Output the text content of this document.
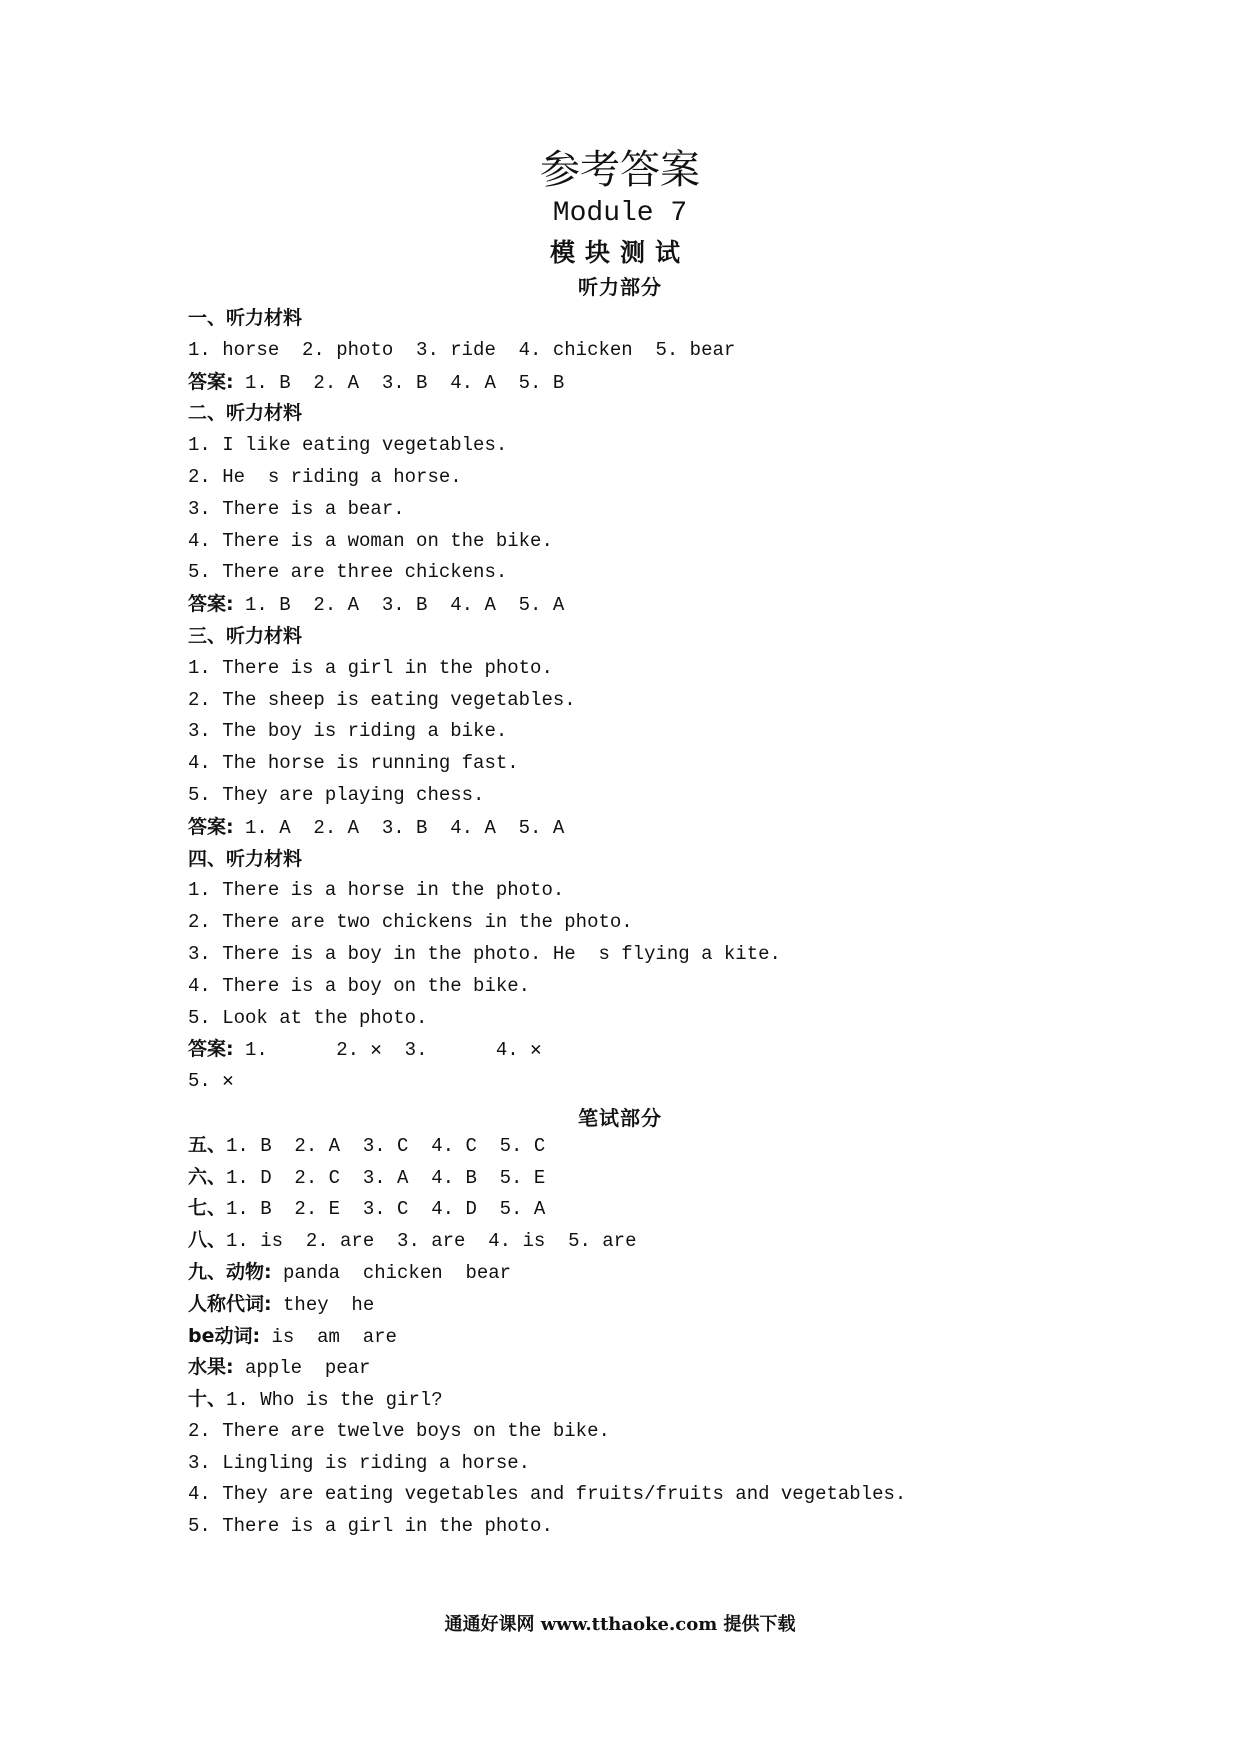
参考答案
Module 7
模块测试
听力部分
一、听力材料
1. horse  2. photo  3. ride  4. chicken  5. bear
答案: 1. B  2. A  3. B  4. A  5. B
二、听力材料
1. I like eating vegetables.
2. He  s riding a horse.
3. There is a bear.
4. There is a woman on the bike.
5. There are three chickens.
答案: 1. B  2. A  3. B  4. A  5. A
三、听力材料
1. There is a girl in the photo.
2. The sheep is eating vegetables.
3. The boy is riding a bike.
4. The horse is running fast.
5. They are playing chess.
答案: 1. A  2. A  3. B  4. A  5. A
四、听力材料
1. There is a horse in the photo.
2. There are two chickens in the photo.
3. There is a boy in the photo. He  s flying a kite.
4. There is a boy on the bike.
5. Look at the photo.
答案: 1.      2. ✕  3.      4. ✕
5. ✕
五、1. B  2. A  3. C  4. C  5. C
六、1. D  2. C  3. A  4. B  5. E
七、1. B  2. E  3. C  4. D  5. A
八、1. is  2. are  3. are  4. is  5. are
九、动物: panda  chicken  bear
人称代词: they  he
be动词: is  am  are
水果: apple  pear
十、1. Who is the girl?
2. There are twelve boys on the bike.
3. Lingling is riding a horse.
4. They are eating vegetables and fruits/fruits and vegetables.
5. There is a girl in the photo.
笔试部分
通通好课网 www.tthaoke.com 提供下载
